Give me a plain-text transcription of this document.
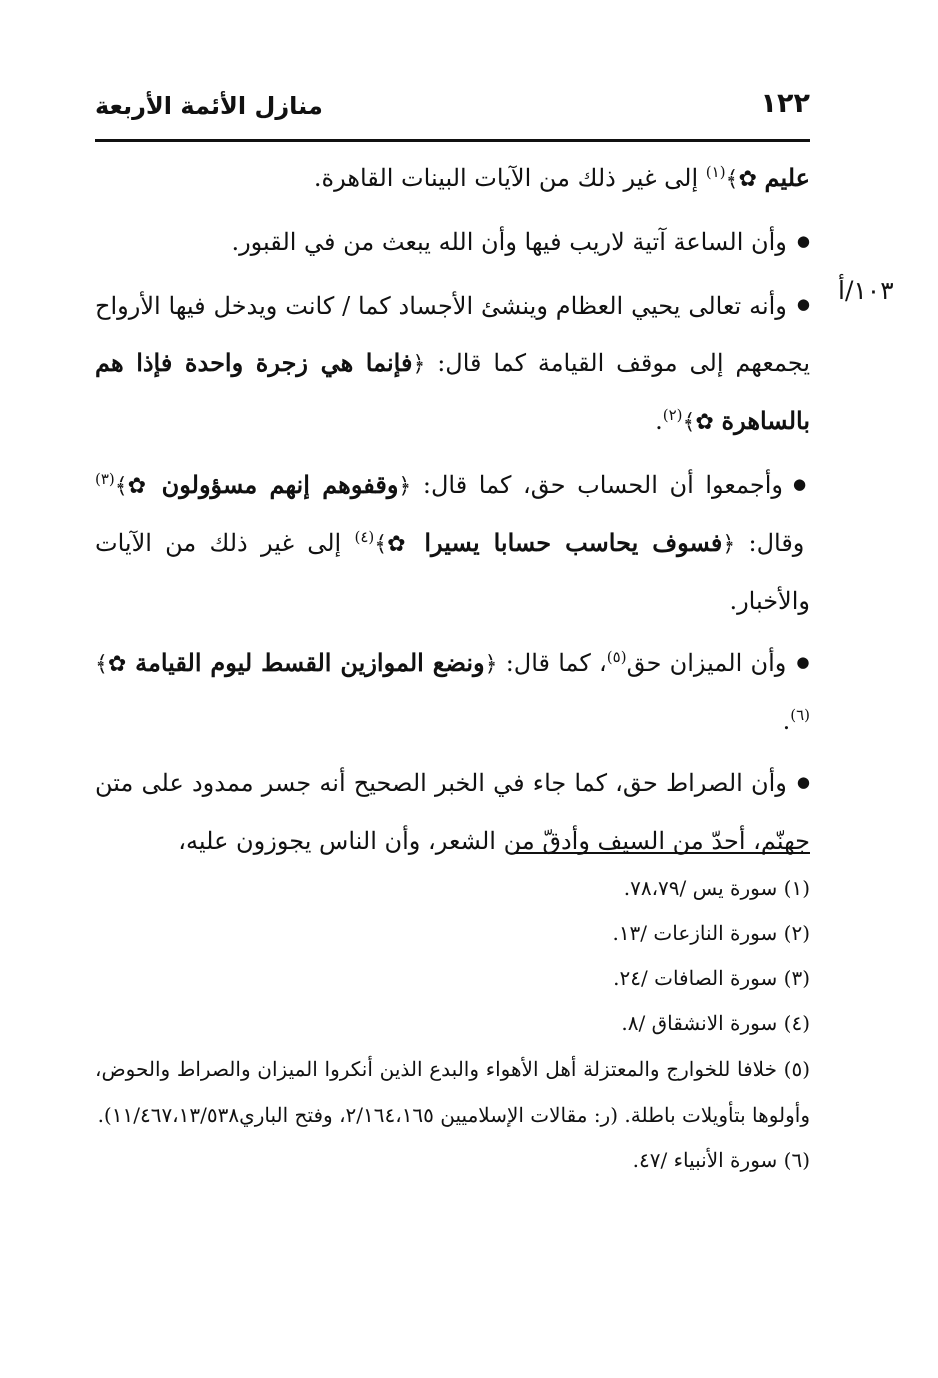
١٢٢
منازل الأئمة الأربعة
١٠٣/أ

عليم ✿﴾$^{(١)}$ إلى غير ذلك من الآيات البينات القاهرة.

●وأن الساعة آتية لاريب فيها وأن الله يبعث من في القبور.

●وأنه تعالى يحيي العظام وينشئ الأجساد كما / كانت ويدخل فيها الأرواح يجمعهم إلى موقف القيامة كما قال: ﴿فإنما هي زجرة واحدة فإذا هم بالساهرة ✿﴾$^{(٢)}$.

●وأجمعوا أن الحساب حق، كما قال: ﴿وقفوهم إنهم مسؤولون ✿﴾$^{(٣)}$ وقال: ﴿فسوف يحاسب حسابا يسيرا ✿﴾$^{(٤)}$ إلى غير ذلك من الآيات والأخبار.

●وأن الميزان حق$^{(٥)}$، كما قال: ﴿ونضع الموازين القسط ليوم القيامة ✿﴾$^{(٦)}$.

●وأن الصراط حق، كما جاء في الخبر الصحيح أنه جسر ممدود على متن جهنّم، أحدّ من السيف وأدقّ من الشعر، وأن الناس يجوزون عليه،

(١) سورة يس /٧٨،٧٩.

(٢) سورة النازعات /١٣.

(٣) سورة الصافات /٢٤.

(٤) سورة الانشقاق /٨.

(٥) خلافا للخوارج والمعتزلة أهل الأهواء والبدع الذين أنكروا الميزان والصراط والحوض، وأولوها بتأويلات باطلة. (ر: مقالات الإسلاميين ٢/١٦٤،١٦٥، وفتح الباري١١/٤٦٧،١٣/٥٣٨).

(٦) سورة الأنبياء /٤٧.
